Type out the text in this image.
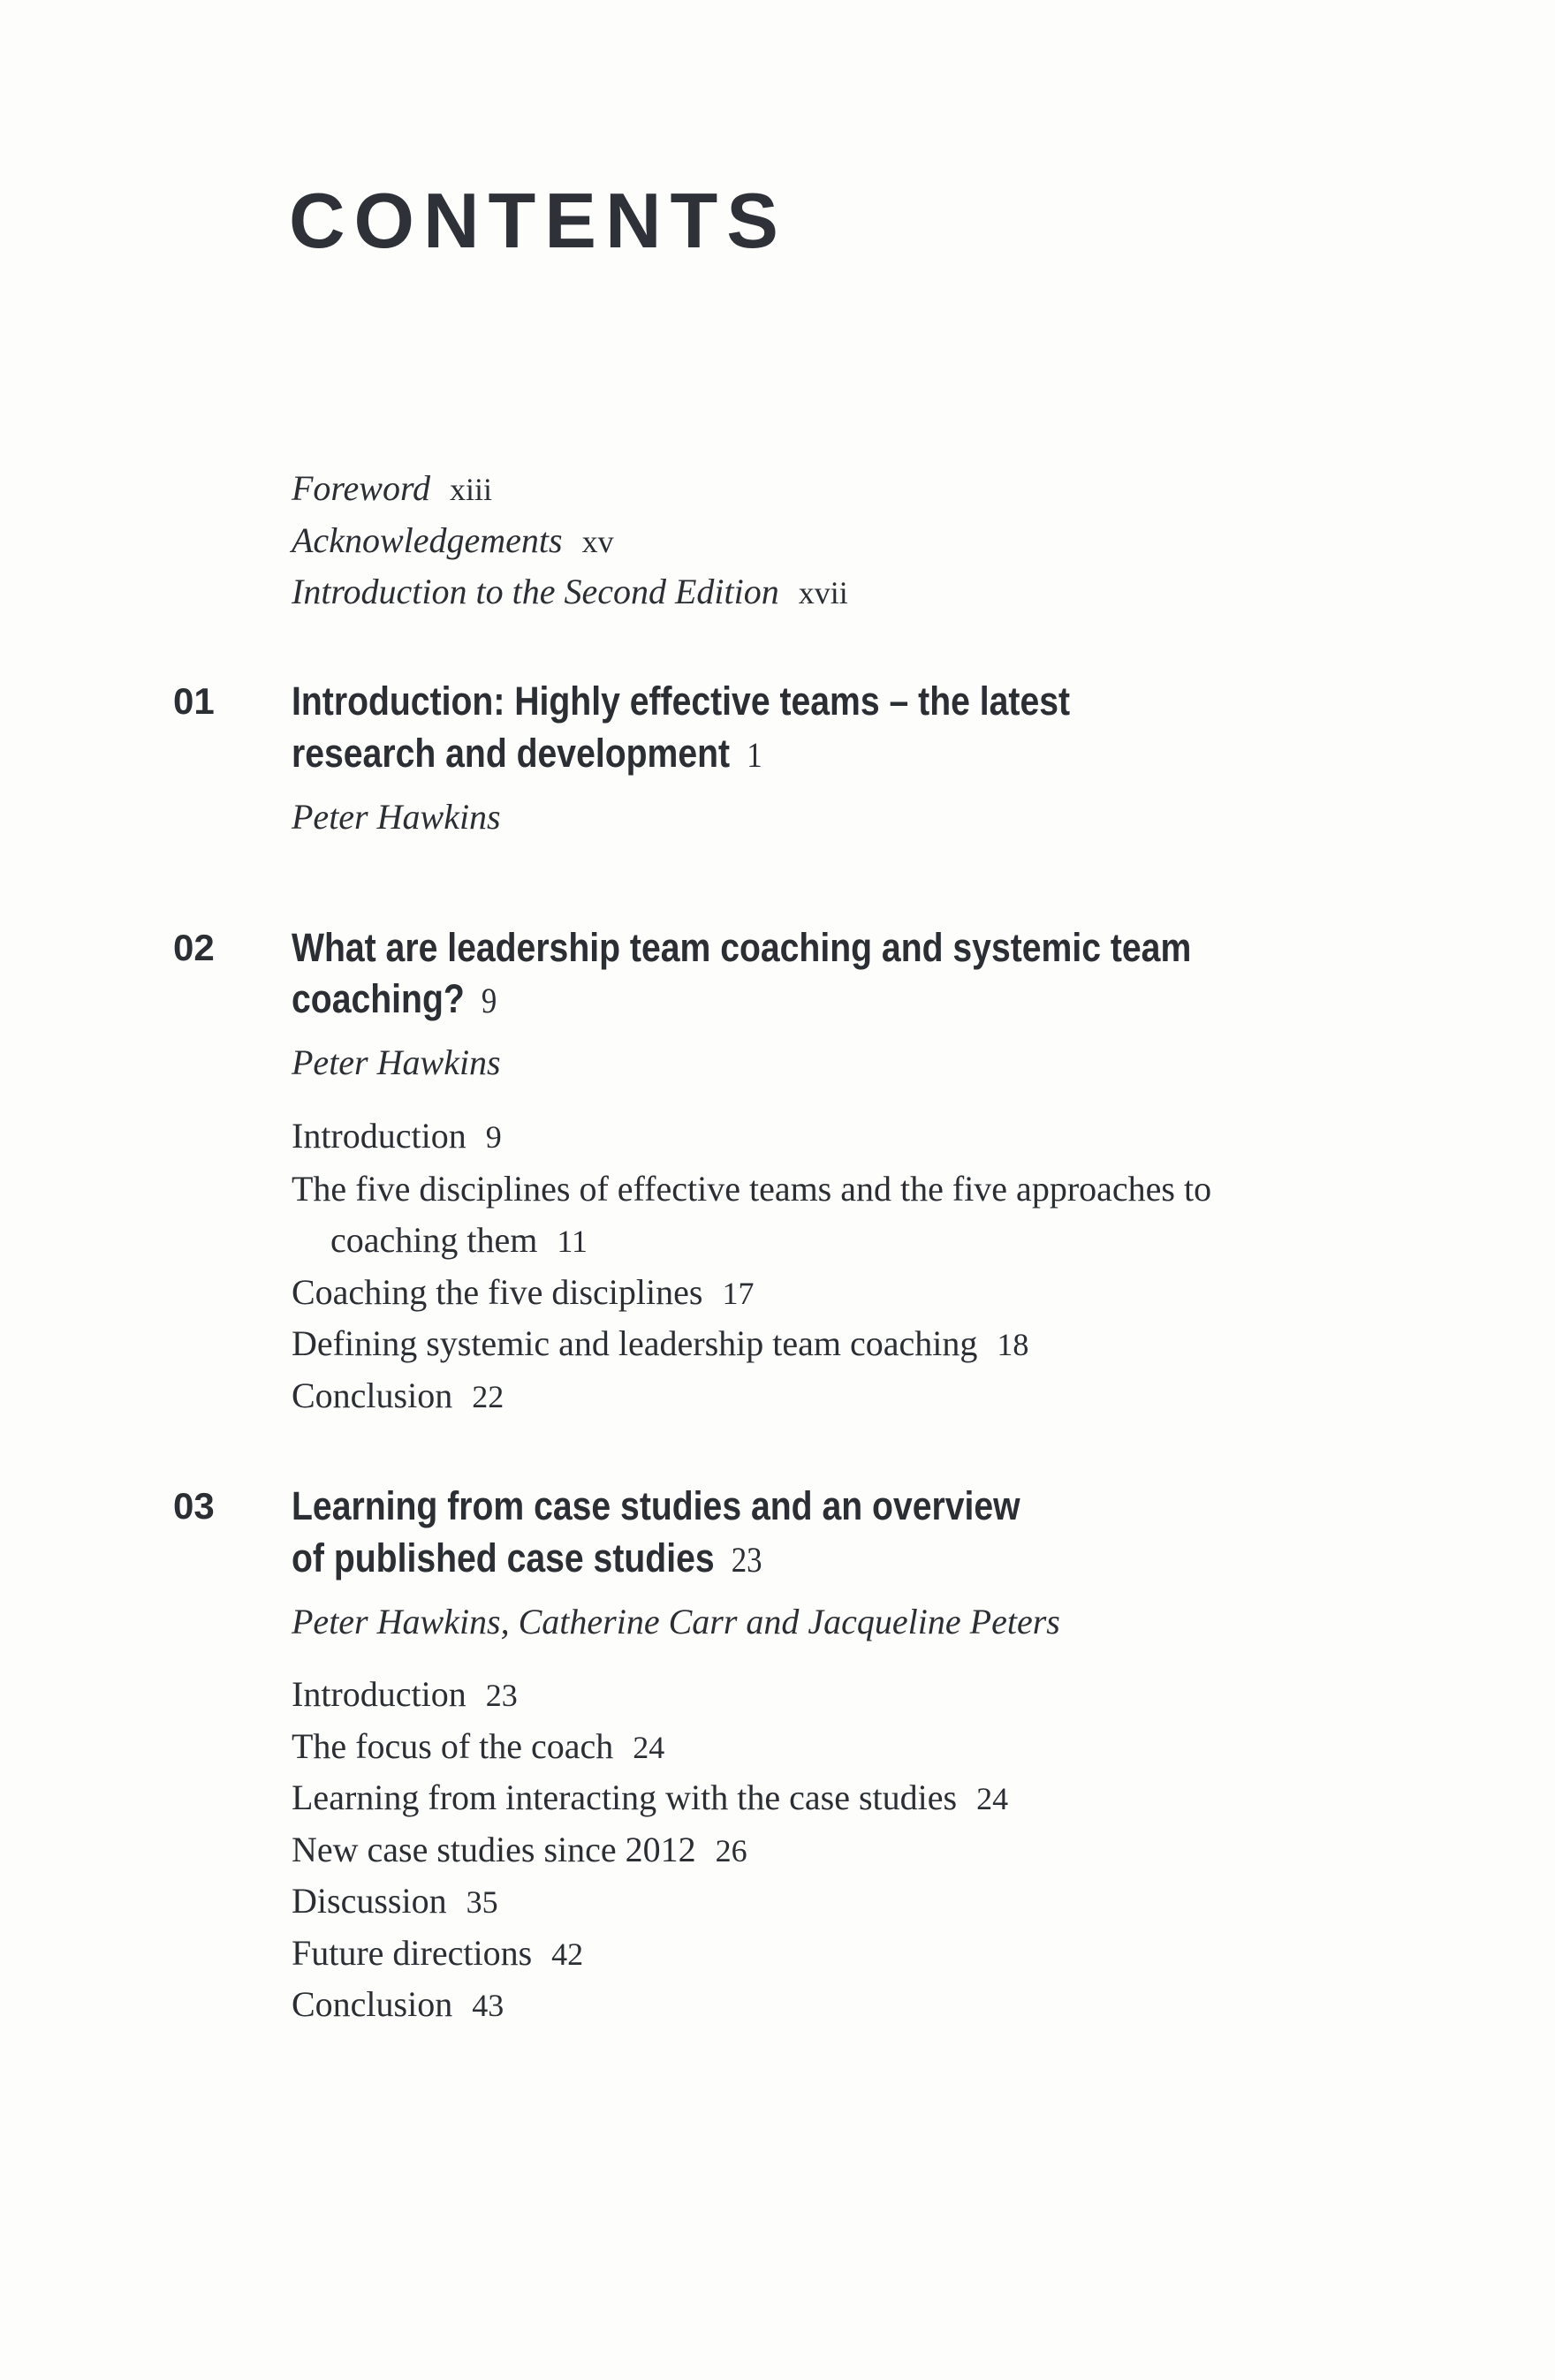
CONTENTS
Foreword xiii
Acknowledgements xv
Introduction to the Second Edition xvii
01 Introduction: Highly effective teams – the latest
research and development 1
Peter Hawkins
02 What are leadership team coaching and systemic team
coaching? 9
Peter Hawkins
Introduction 9
The five disciplines of effective teams and the five approaches to
coaching them 11
Coaching the five disciplines 17
Defining systemic and leadership team coaching 18
Conclusion 22
03 Learning from case studies and an overview
of published case studies 23
Peter Hawkins, Catherine Carr and Jacqueline Peters
Introduction 23
The focus of the coach 24
Learning from interacting with the case studies 24
New case studies since 2012 26
Discussion 35
Future directions 42
Conclusion 43
